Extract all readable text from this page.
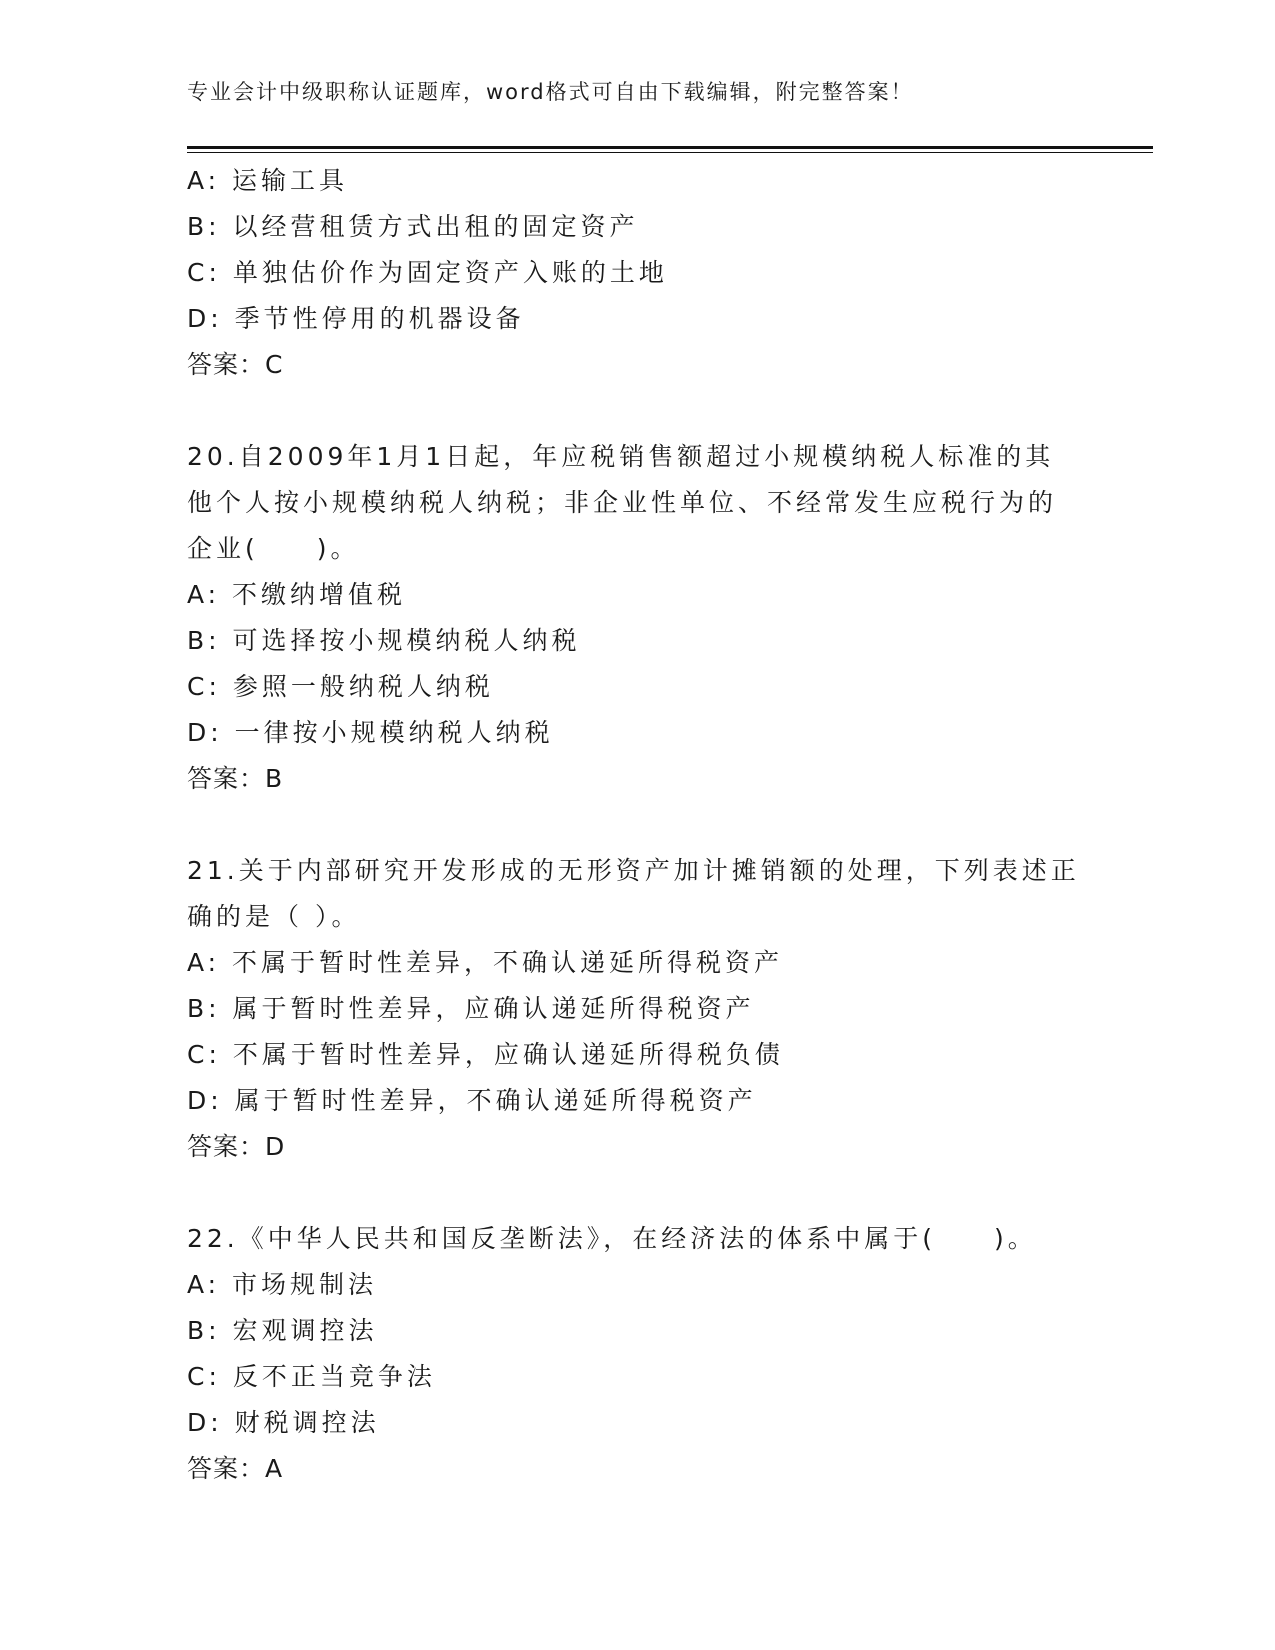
专业会计中级职称认证题库，word格式可自由下载编辑，附完整答案！
A: 运输工具
B: 以经营租赁方式出租的固定资产
C: 单独估价作为固定资产入账的土地
D: 季节性停用的机器设备
答案：C
20.自2009年1月1日起，年应税销售额超过小规模纳税人标准的其
他个人按小规模纳税人纳税；非企业性单位、不经常发生应税行为的
企业(　　)。
A: 不缴纳增值税
B: 可选择按小规模纳税人纳税
C: 参照一般纳税人纳税
D: 一律按小规模纳税人纳税
答案：B
21.关于内部研究开发形成的无形资产加计摊销额的处理，下列表述正
确的是（ ）。
A: 不属于暂时性差异，不确认递延所得税资产
B: 属于暂时性差异，应确认递延所得税资产
C: 不属于暂时性差异，应确认递延所得税负债
D: 属于暂时性差异，不确认递延所得税资产
答案：D
22.《中华人民共和国反垄断法》，在经济法的体系中属于(　　)。
A: 市场规制法
B: 宏观调控法
C: 反不正当竞争法
D: 财税调控法
答案：A
